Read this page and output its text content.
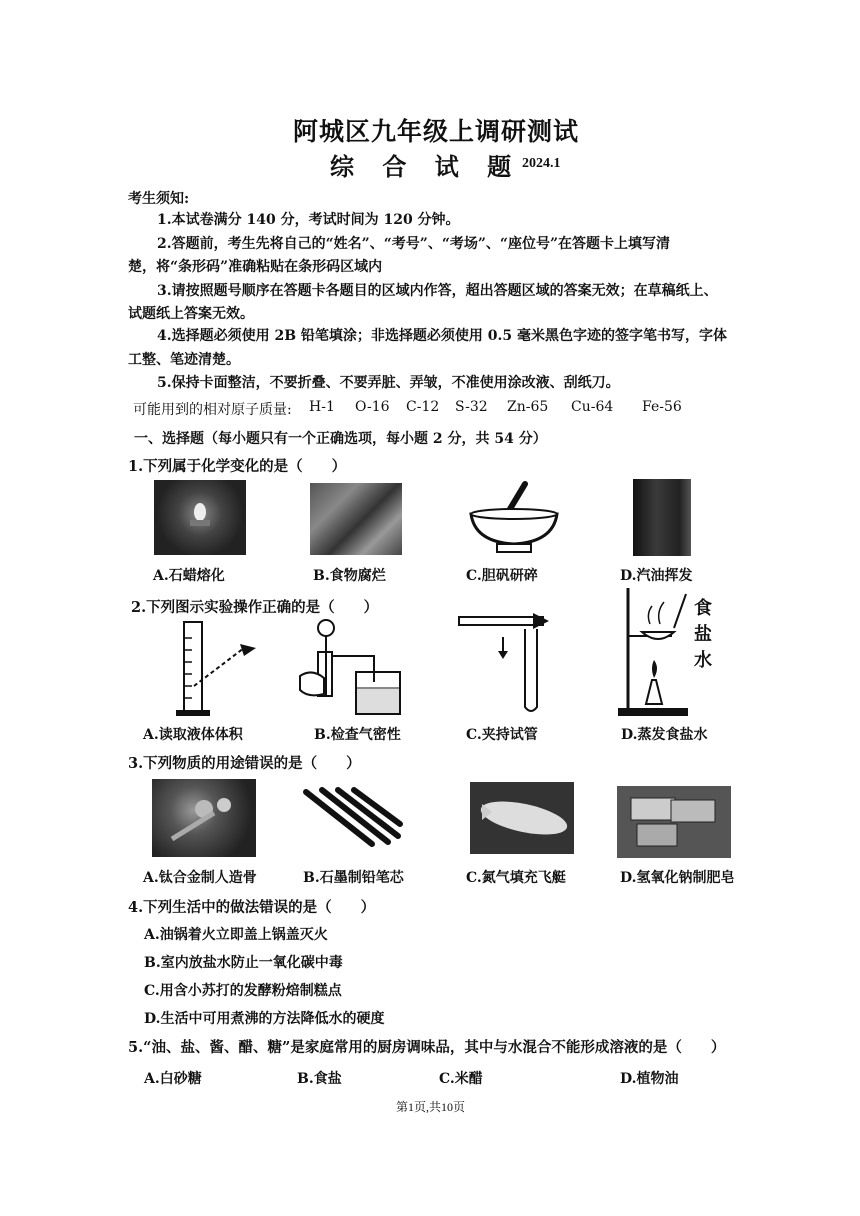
阿城区九年级上调研测试
综 合 试 题 2024.1
考生须知:
1.本试卷满分 140 分，考试时间为 120 分钟。
2.答题前，考生先将自己的“姓名”、“考号”、“考场”、“座位号”在答题卡上填写清
楚，将“条形码”准确粘贴在条形码区域内
3.请按照题号顺序在答题卡各题目的区域内作答，超出答题区域的答案无效；在草稿纸上、
试题纸上答案无效。
4.选择题必须使用 2B 铅笔填涂；非选择题必须使用 0.5 毫米黑色字迹的签字笔书写，字体
工整、笔迹清楚。
5.保持卡面整洁，不要折叠、不要弄脏、弄皱，不准使用涂改液、刮纸刀。
可能用到的相对原子质量: H-1 O-16 C-12 S-32 Zn-65 Cu-64 Fe-56
一、选择题（每小题只有一个正确选项，每小题 2 分，共 54 分）
1.下列属于化学变化的是（　　）
A.石蜡熔化	B.食物腐烂	C.胆矾研碎	D.汽油挥发
2.下列图示实验操作正确的是（　　）	食
盐
水
A.读取液体体积	B.检查气密性	C.夹持试管	D.蒸发食盐水
3.下列物质的用途错误的是（　　）
A.钛合金制人造骨	B.石墨制铅笔芯	C.氮气填充飞艇	D.氢氧化钠制肥皂
4.下列生活中的做法错误的是（　　）
A.油锅着火立即盖上锅盖灭火
B.室内放盐水防止一氧化碳中毒
C.用含小苏打的发酵粉焙制糕点
D.生活中可用煮沸的方法降低水的硬度
5.“油、盐、酱、醋、糖”是家庭常用的厨房调味品，其中与水混合不能形成溶液的是（　　）
A.白砂糖	B.食盐	C.米醋	D.植物油
第1页,共10页
